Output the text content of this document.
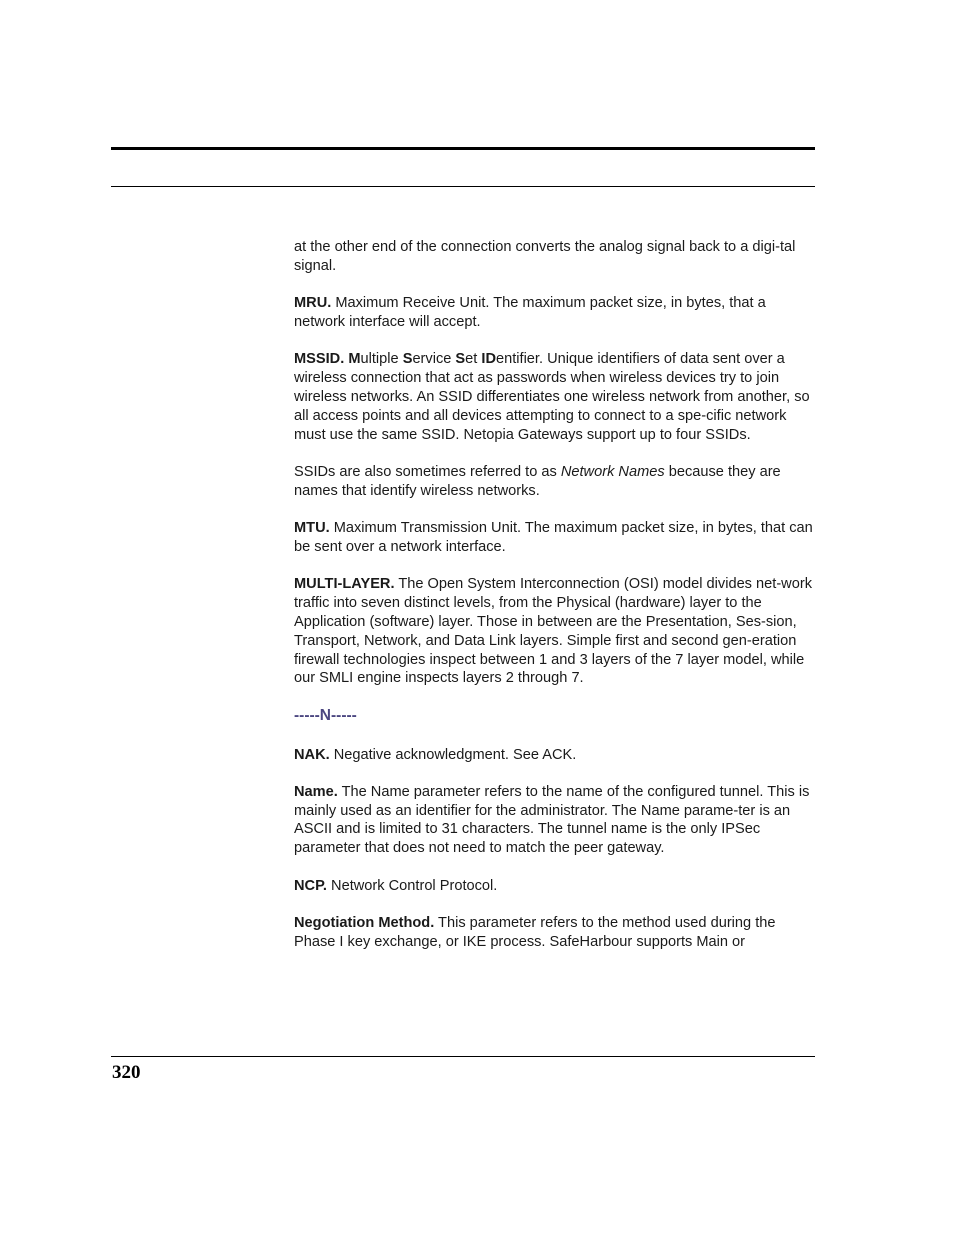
at the other end of the connection converts the analog signal back to a digi-tal signal.

MRU. Maximum Receive Unit. The maximum packet size, in bytes, that a network interface will accept.

MSSID. Multiple Service Set IDentifier. Unique identifiers of data sent over a wireless connection that act as passwords when wireless devices try to join wireless networks. An SSID differentiates one wireless network from another, so all access points and all devices attempting to connect to a spe-cific network must use the same SSID. Netopia Gateways support up to four SSIDs.

SSIDs are also sometimes referred to as Network Names because they are names that identify wireless networks.

MTU. Maximum Transmission Unit. The maximum packet size, in bytes, that can be sent over a network interface.

MULTI-LAYER. The Open System Interconnection (OSI) model divides net-work traffic into seven distinct levels, from the Physical (hardware) layer to the Application (software) layer. Those in between are the Presentation, Ses-sion, Transport, Network, and Data Link layers. Simple first and second gen-eration firewall technologies inspect between 1 and 3 layers of the 7 layer model, while our SMLI engine inspects layers 2 through 7.

-----N-----

NAK. Negative acknowledgment. See ACK.

Name. The Name parameter refers to the name of the configured tunnel. This is mainly used as an identifier for the administrator. The Name parame-ter is an ASCII and is limited to 31 characters. The tunnel name is the only IPSec parameter that does not need to match the peer gateway.

NCP. Network Control Protocol.

Negotiation Method. This parameter refers to the method used during the Phase I key exchange, or IKE process. SafeHarbour supports Main or

320
